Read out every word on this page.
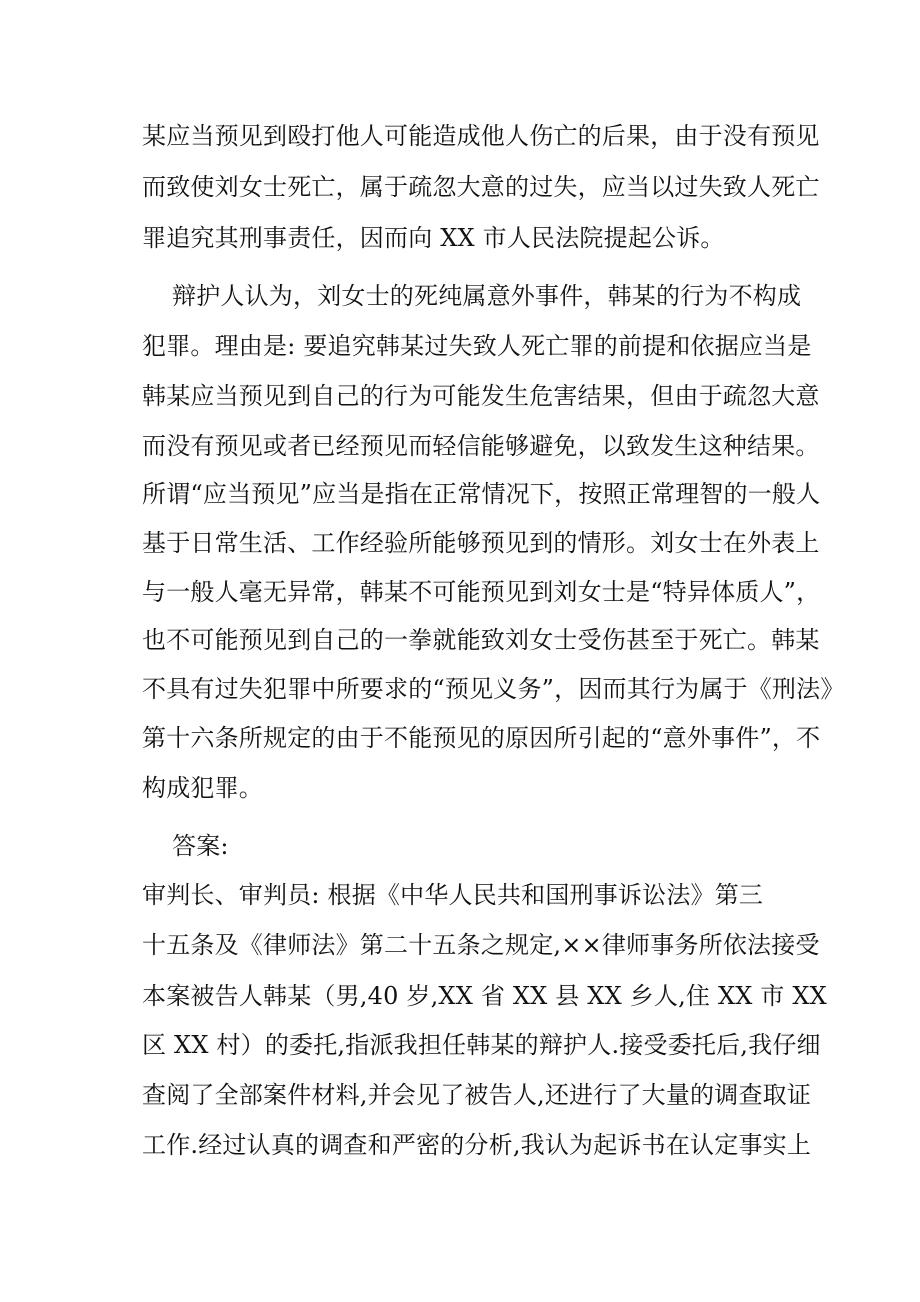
某应当预见到殴打他人可能造成他人伤亡的后果，由于没有预见
而致使刘女士死亡，属于疏忽大意的过失，应当以过失致人死亡
罪追究其刑事责任，因而向 XX 市人民法院提起公诉。
辩护人认为，刘女士的死纯属意外事件，韩某的行为不构成
犯罪。理由是: 要追究韩某过失致人死亡罪的前提和依据应当是
韩某应当预见到自己的行为可能发生危害结果，但由于疏忽大意
而没有预见或者已经预见而轻信能够避免，以致发生这种结果。
所谓“应当预见”应当是指在正常情况下，按照正常理智的一般人
基于日常生活、工作经验所能够预见到的情形。刘女士在外表上
与一般人毫无异常，韩某不可能预见到刘女士是“特异体质人”，
也不可能预见到自己的一拳就能致刘女士受伤甚至于死亡。韩某
不具有过失犯罪中所要求的“预见义务”，因而其行为属于《刑法》
第十六条所规定的由于不能预见的原因所引起的“意外事件”，不
构成犯罪。
答案:
审判长、审判员: 根据《中华人民共和国刑事诉讼法》第三
十五条及《律师法》第二十五条之规定,××律师事务所依法接受
本案被告人韩某（男,40 岁,XX 省 XX 县 XX 乡人,住 XX 市 XX
区 XX 村）的委托,指派我担任韩某的辩护人.接受委托后,我仔细
查阅了全部案件材料,并会见了被告人,还进行了大量的调查取证
工作.经过认真的调查和严密的分析,我认为起诉书在认定事实上
